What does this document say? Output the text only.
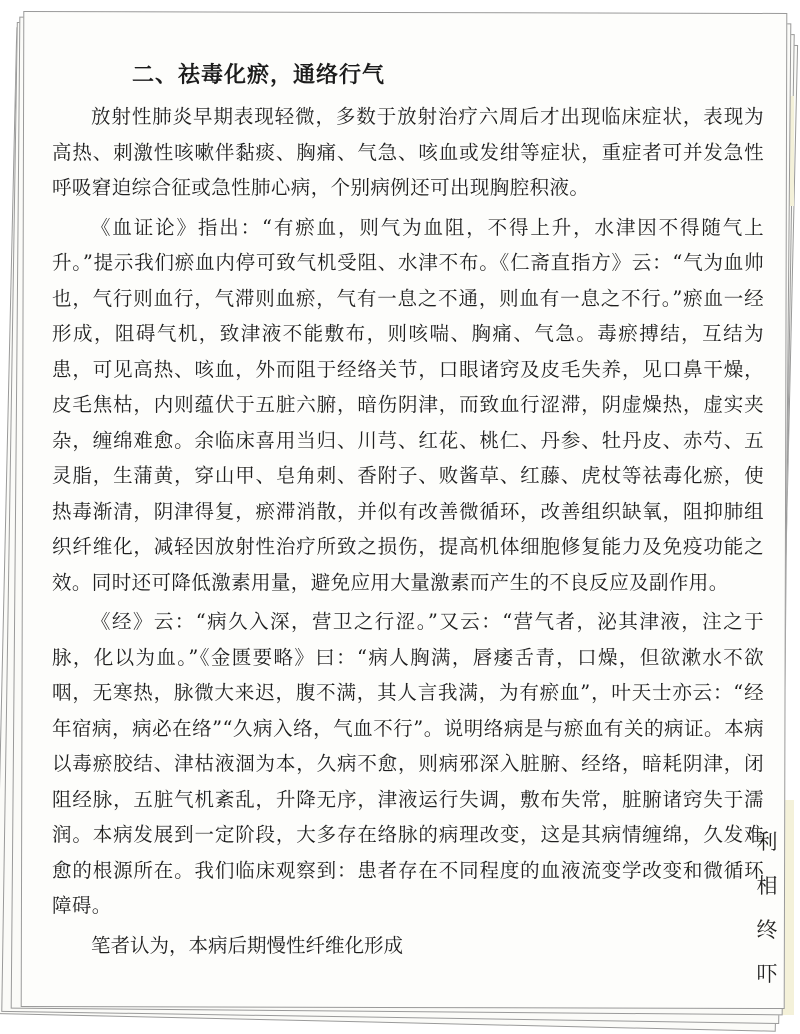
利
相
终
吓
二、祛毒化瘀，通络行气

放射性肺炎早期表现轻微，多数于放射治疗六周后才出现临床症状，表现为高热、刺激性咳嗽伴黏痰、胸痛、气急、咳血或发绀等症状，重症者可并发急性呼吸窘迫综合征或急性肺心病，个别病例还可出现胸腔积液。

《血证论》指出：“有瘀血，则气为血阻，不得上升，水津因不得随气上升。”提示我们瘀血内停可致气机受阻、水津不布。《仁斋直指方》云：“气为血帅也，气行则血行，气滞则血瘀，气有一息之不通，则血有一息之不行。”瘀血一经形成，阻碍气机，致津液不能敷布，则咳喘、胸痛、气急。毒瘀搏结，互结为患，可见高热、咳血，外而阻于经络关节，口眼诸窍及皮毛失养，见口鼻干燥，皮毛焦枯，内则蕴伏于五脏六腑，暗伤阴津，而致血行涩滞，阴虚燥热，虚实夹杂，缠绵难愈。余临床喜用当归、川芎、红花、桃仁、丹参、牡丹皮、赤芍、五灵脂，生蒲黄，穿山甲、皂角刺、香附子、败酱草、红藤、虎杖等祛毒化瘀，使热毒渐清，阴津得复，瘀滞消散，并似有改善微循环，改善组织缺氧，阻抑肺组织纤维化，减轻因放射性治疗所致之损伤，提高机体细胞修复能力及免疫功能之效。同时还可降低激素用量，避免应用大量激素而产生的不良反应及副作用。

《经》云：“病久入深，营卫之行涩。”又云：“营气者，泌其津液，注之于脉，化以为血。”《金匮要略》曰：“病人胸满，唇痿舌青，口燥，但欲漱水不欲咽，无寒热，脉微大来迟，腹不满，其人言我满，为有瘀血”，叶天士亦云：“经年宿病，病必在络”“久病入络，气血不行”。说明络病是与瘀血有关的病证。本病以毒瘀胶结、津枯液涸为本，久病不愈，则病邪深入脏腑、经络，暗耗阴津，闭阻经脉，五脏气机紊乱，升降无序，津液运行失调，敷布失常，脏腑诸窍失于濡润。本病发展到一定阶段，大多存在络脉的病理改变，这是其病情缠绵，久发难愈的根源所在。我们临床观察到：患者存在不同程度的血液流变学改变和微循环障碍。

笔者认为，本病后期慢性纤维化形成
